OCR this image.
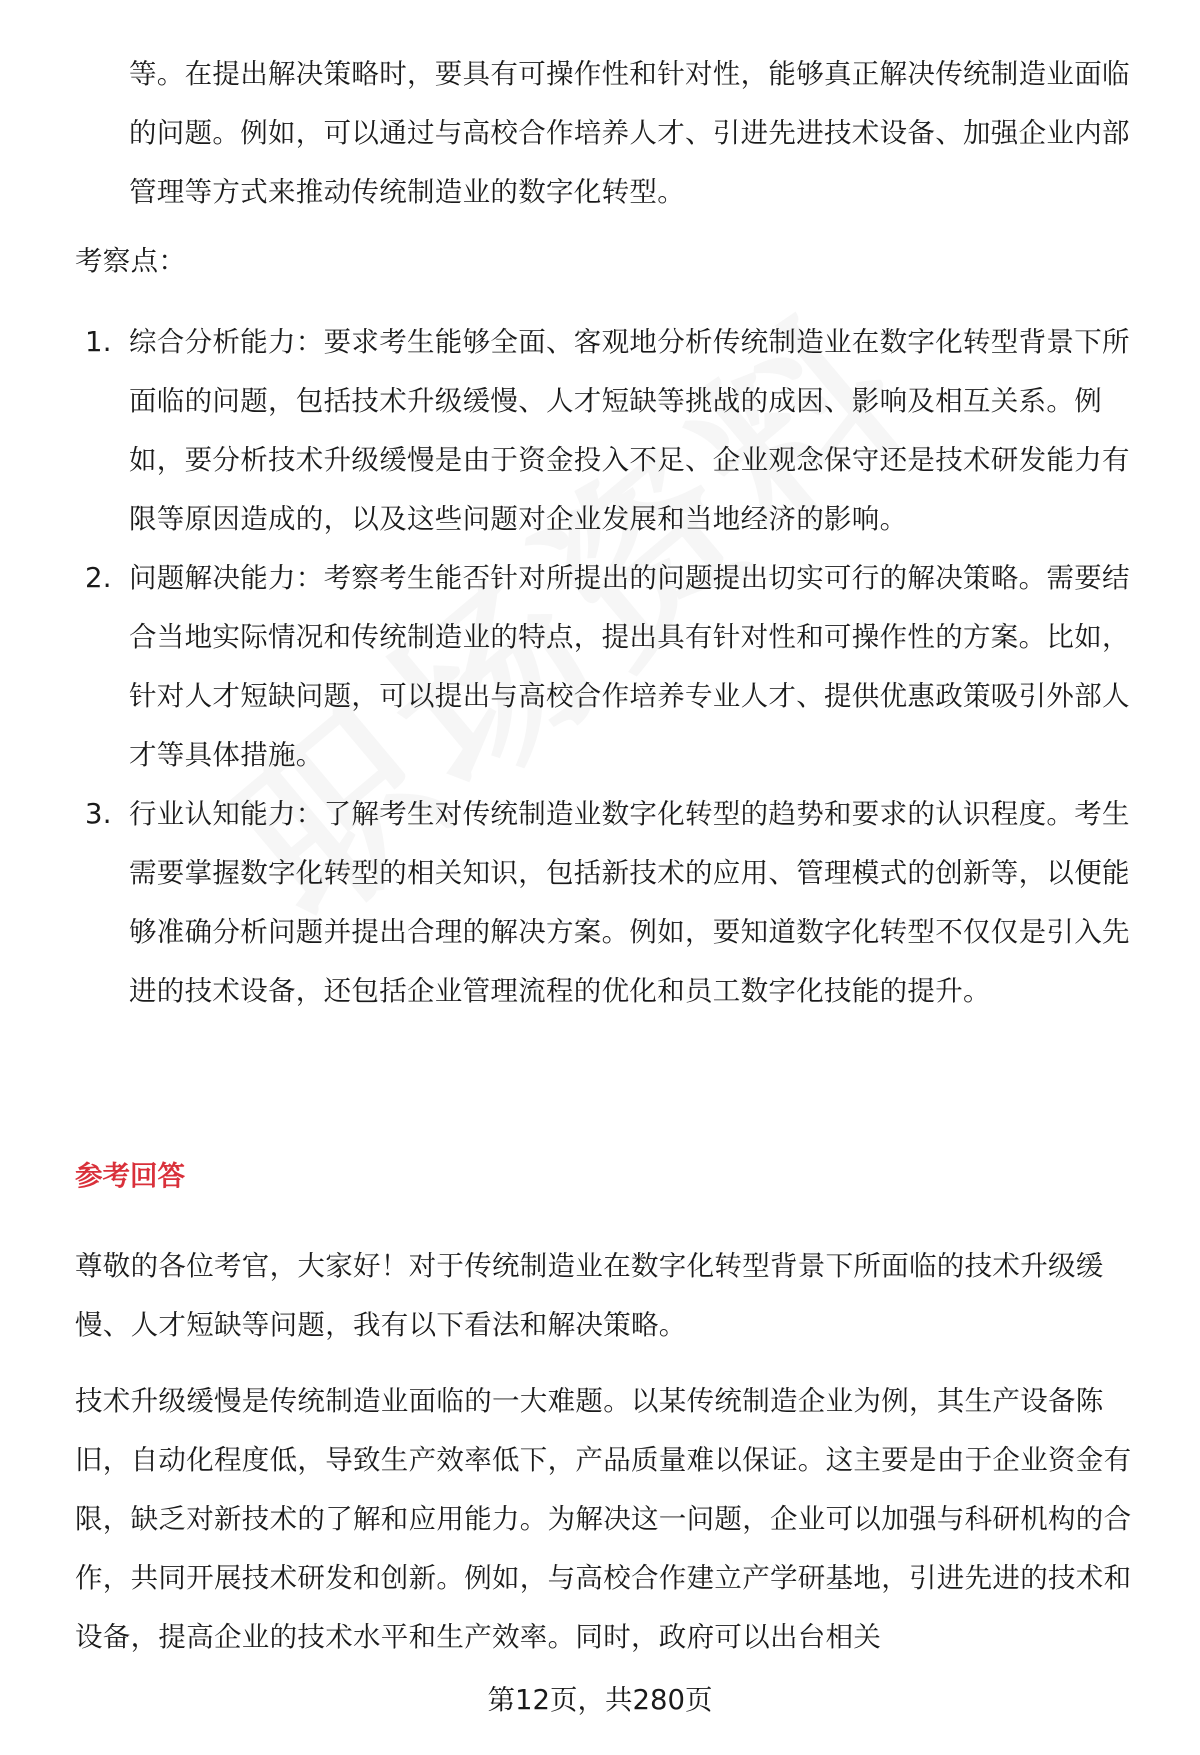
等。在提出解决策略时，要具有可操作性和针对性，能够真正解决传统制造业面临的问题。例如，可以通过与高校合作培养人才、引进先进技术设备、加强企业内部管理等方式来推动传统制造业的数字化转型。
考察点：
1. 综合分析能力：要求考生能够全面、客观地分析传统制造业在数字化转型背景下所面临的问题，包括技术升级缓慢、人才短缺等挑战的成因、影响及相互关系。例如，要分析技术升级缓慢是由于资金投入不足、企业观念保守还是技术研发能力有限等原因造成的，以及这些问题对企业发展和当地经济的影响。
2. 问题解决能力：考察考生能否针对所提出的问题提出切实可行的解决策略。需要结合当地实际情况和传统制造业的特点，提出具有针对性和可操作性的方案。比如，针对人才短缺问题，可以提出与高校合作培养专业人才、提供优惠政策吸引外部人才等具体措施。
3. 行业认知能力：了解考生对传统制造业数字化转型的趋势和要求的认识程度。考生需要掌握数字化转型的相关知识，包括新技术的应用、管理模式的创新等，以便能够准确分析问题并提出合理的解决方案。例如，要知道数字化转型不仅仅是引入先进的技术设备，还包括企业管理流程的优化和员工数字化技能的提升。
参考回答
尊敬的各位考官，大家好！对于传统制造业在数字化转型背景下所面临的技术升级缓慢、人才短缺等问题，我有以下看法和解决策略。
技术升级缓慢是传统制造业面临的一大难题。以某传统制造企业为例，其生产设备陈旧，自动化程度低，导致生产效率低下，产品质量难以保证。这主要是由于企业资金有限，缺乏对新技术的了解和应用能力。为解决这一问题，企业可以加强与科研机构的合作，共同开展技术研发和创新。例如，与高校合作建立产学研基地，引进先进的技术和设备，提高企业的技术水平和生产效率。同时，政府可以出台相关
第12页，共280页
